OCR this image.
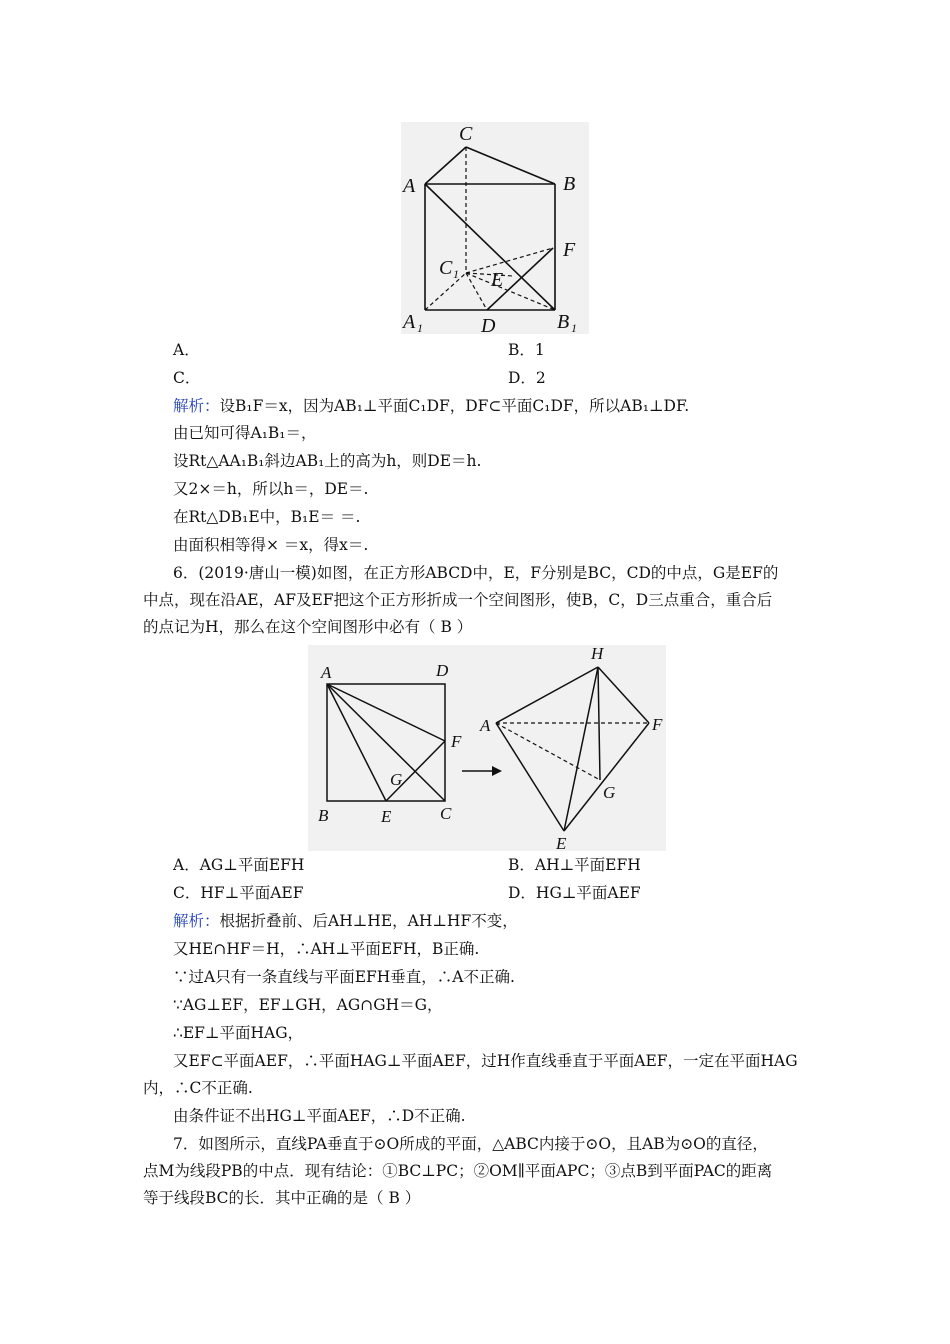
C
A	B
F
C 1 E
A 1	D	B 1
A．	B．1
C．	D．2
解析：设B₁F＝x，因为AB₁⊥平面C₁DF，DF⊂平面C₁DF，所以AB₁⊥DF.
由已知可得A₁B₁＝，
设Rt△AA₁B₁斜边AB₁上的高为h，则DE＝h.
又2×＝h，所以h＝，DE＝.
在Rt△DB₁E中，B₁E＝ ＝.
由面积相等得× ＝x，得x＝.
6．(2019·唐山一模)如图，在正方形ABCD中，E，F分别是BC，CD的中点，G是EF的
中点，现在沿AE，AF及EF把这个正方形折成一个空间图形，使B，C，D三点重合，重合后
的点记为H，那么在这个空间图形中必有（ B ）
A	D
F
G
B	E	C
H
A	F
G
E
A．AG⊥平面EFH	B．AH⊥平面EFH
C．HF⊥平面AEF	D．HG⊥平面AEF
解析：根据折叠前、后AH⊥HE，AH⊥HF不变，
又HE∩HF＝H，∴AH⊥平面EFH，B正确.
∵过A只有一条直线与平面EFH垂直，∴A不正确.
∵AG⊥EF，EF⊥GH，AG∩GH＝G，
∴EF⊥平面HAG，
又EF⊂平面AEF，∴平面HAG⊥平面AEF，过H作直线垂直于平面AEF，一定在平面HAG
内，∴C不正确.
由条件证不出HG⊥平面AEF，∴D不正确.
7．如图所示，直线PA垂直于⊙O所成的平面，△ABC内接于⊙O，且AB为⊙O的直径，
点M为线段PB的中点．现有结论：①BC⊥PC；②OM∥平面APC；③点B到平面PAC的距离
等于线段BC的长．其中正确的是（ B ）
